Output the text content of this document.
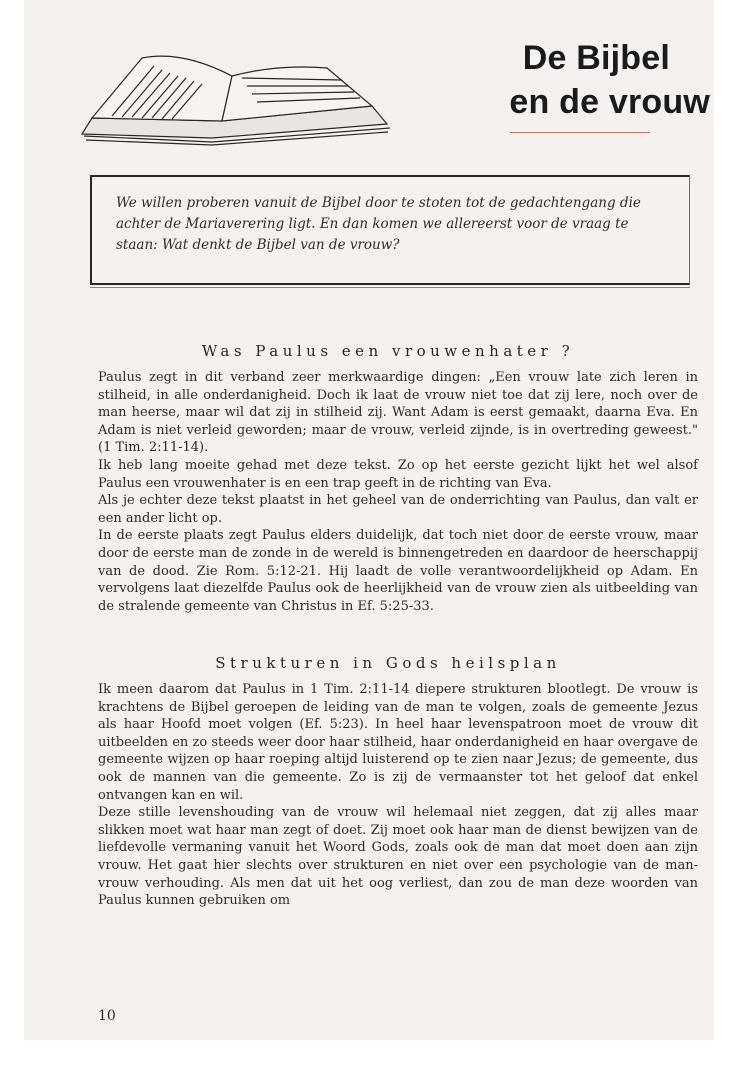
De Bijbel
en de vrouw

We willen proberen vanuit de Bijbel door te stoten tot de gedachtengang die achter de Mariaverering ligt. En dan komen we allereerst voor de vraag te staan: Wat denkt de Bijbel van de vrouw?

Was Paulus een vrouwenhater ?

Paulus zegt in dit verband zeer merkwaardige dingen: „Een vrouw late zich leren in stilheid, in alle onderdanigheid. Doch ik laat de vrouw niet toe dat zij lere, noch over de man heerse, maar wil dat zij in stilheid zij. Want Adam is eerst gemaakt, daarna Eva. En Adam is niet verleid geworden; maar de vrouw, verleid zijnde, is in overtreding geweest." (1 Tim. 2:11-14).

Ik heb lang moeite gehad met deze tekst. Zo op het eerste gezicht lijkt het wel alsof Paulus een vrouwenhater is en een trap geeft in de richting van Eva.

Als je echter deze tekst plaatst in het geheel van de onderrichting van Paulus, dan valt er een ander licht op.

In de eerste plaats zegt Paulus elders duidelijk, dat toch niet door de eerste vrouw, maar door de eerste man de zonde in de wereld is binnengetreden en daardoor de heerschappij van de dood. Zie Rom. 5:12-21. Hij laadt de volle verantwoordelijkheid op Adam. En vervolgens laat diezelfde Paulus ook de heerlijkheid van de vrouw zien als uitbeelding van de stralende gemeente van Christus in Ef. 5:25-33.

Strukturen in Gods heilsplan

Ik meen daarom dat Paulus in 1 Tim. 2:11-14 diepere strukturen blootlegt. De vrouw is krachtens de Bijbel geroepen de leiding van de man te volgen, zoals de gemeente Jezus als haar Hoofd moet volgen (Ef. 5:23). In heel haar levenspatroon moet de vrouw dit uitbeelden en zo steeds weer door haar stilheid, haar onderdanigheid en haar overgave de gemeente wijzen op haar roeping altijd luisterend op te zien naar Jezus; de gemeente, dus ook de mannen van die gemeente. Zo is zij de vermaanster tot het geloof dat enkel ontvangen kan en wil.

Deze stille levenshouding van de vrouw wil helemaal niet zeggen, dat zij alles maar slikken moet wat haar man zegt of doet. Zij moet ook haar man de dienst bewijzen van de liefdevolle vermaning vanuit het Woord Gods, zoals ook de man dat moet doen aan zijn vrouw. Het gaat hier slechts over strukturen en niet over een psychologie van de man-vrouw verhouding. Als men dat uit het oog verliest, dan zou de man deze woorden van Paulus kunnen gebruiken om

10
